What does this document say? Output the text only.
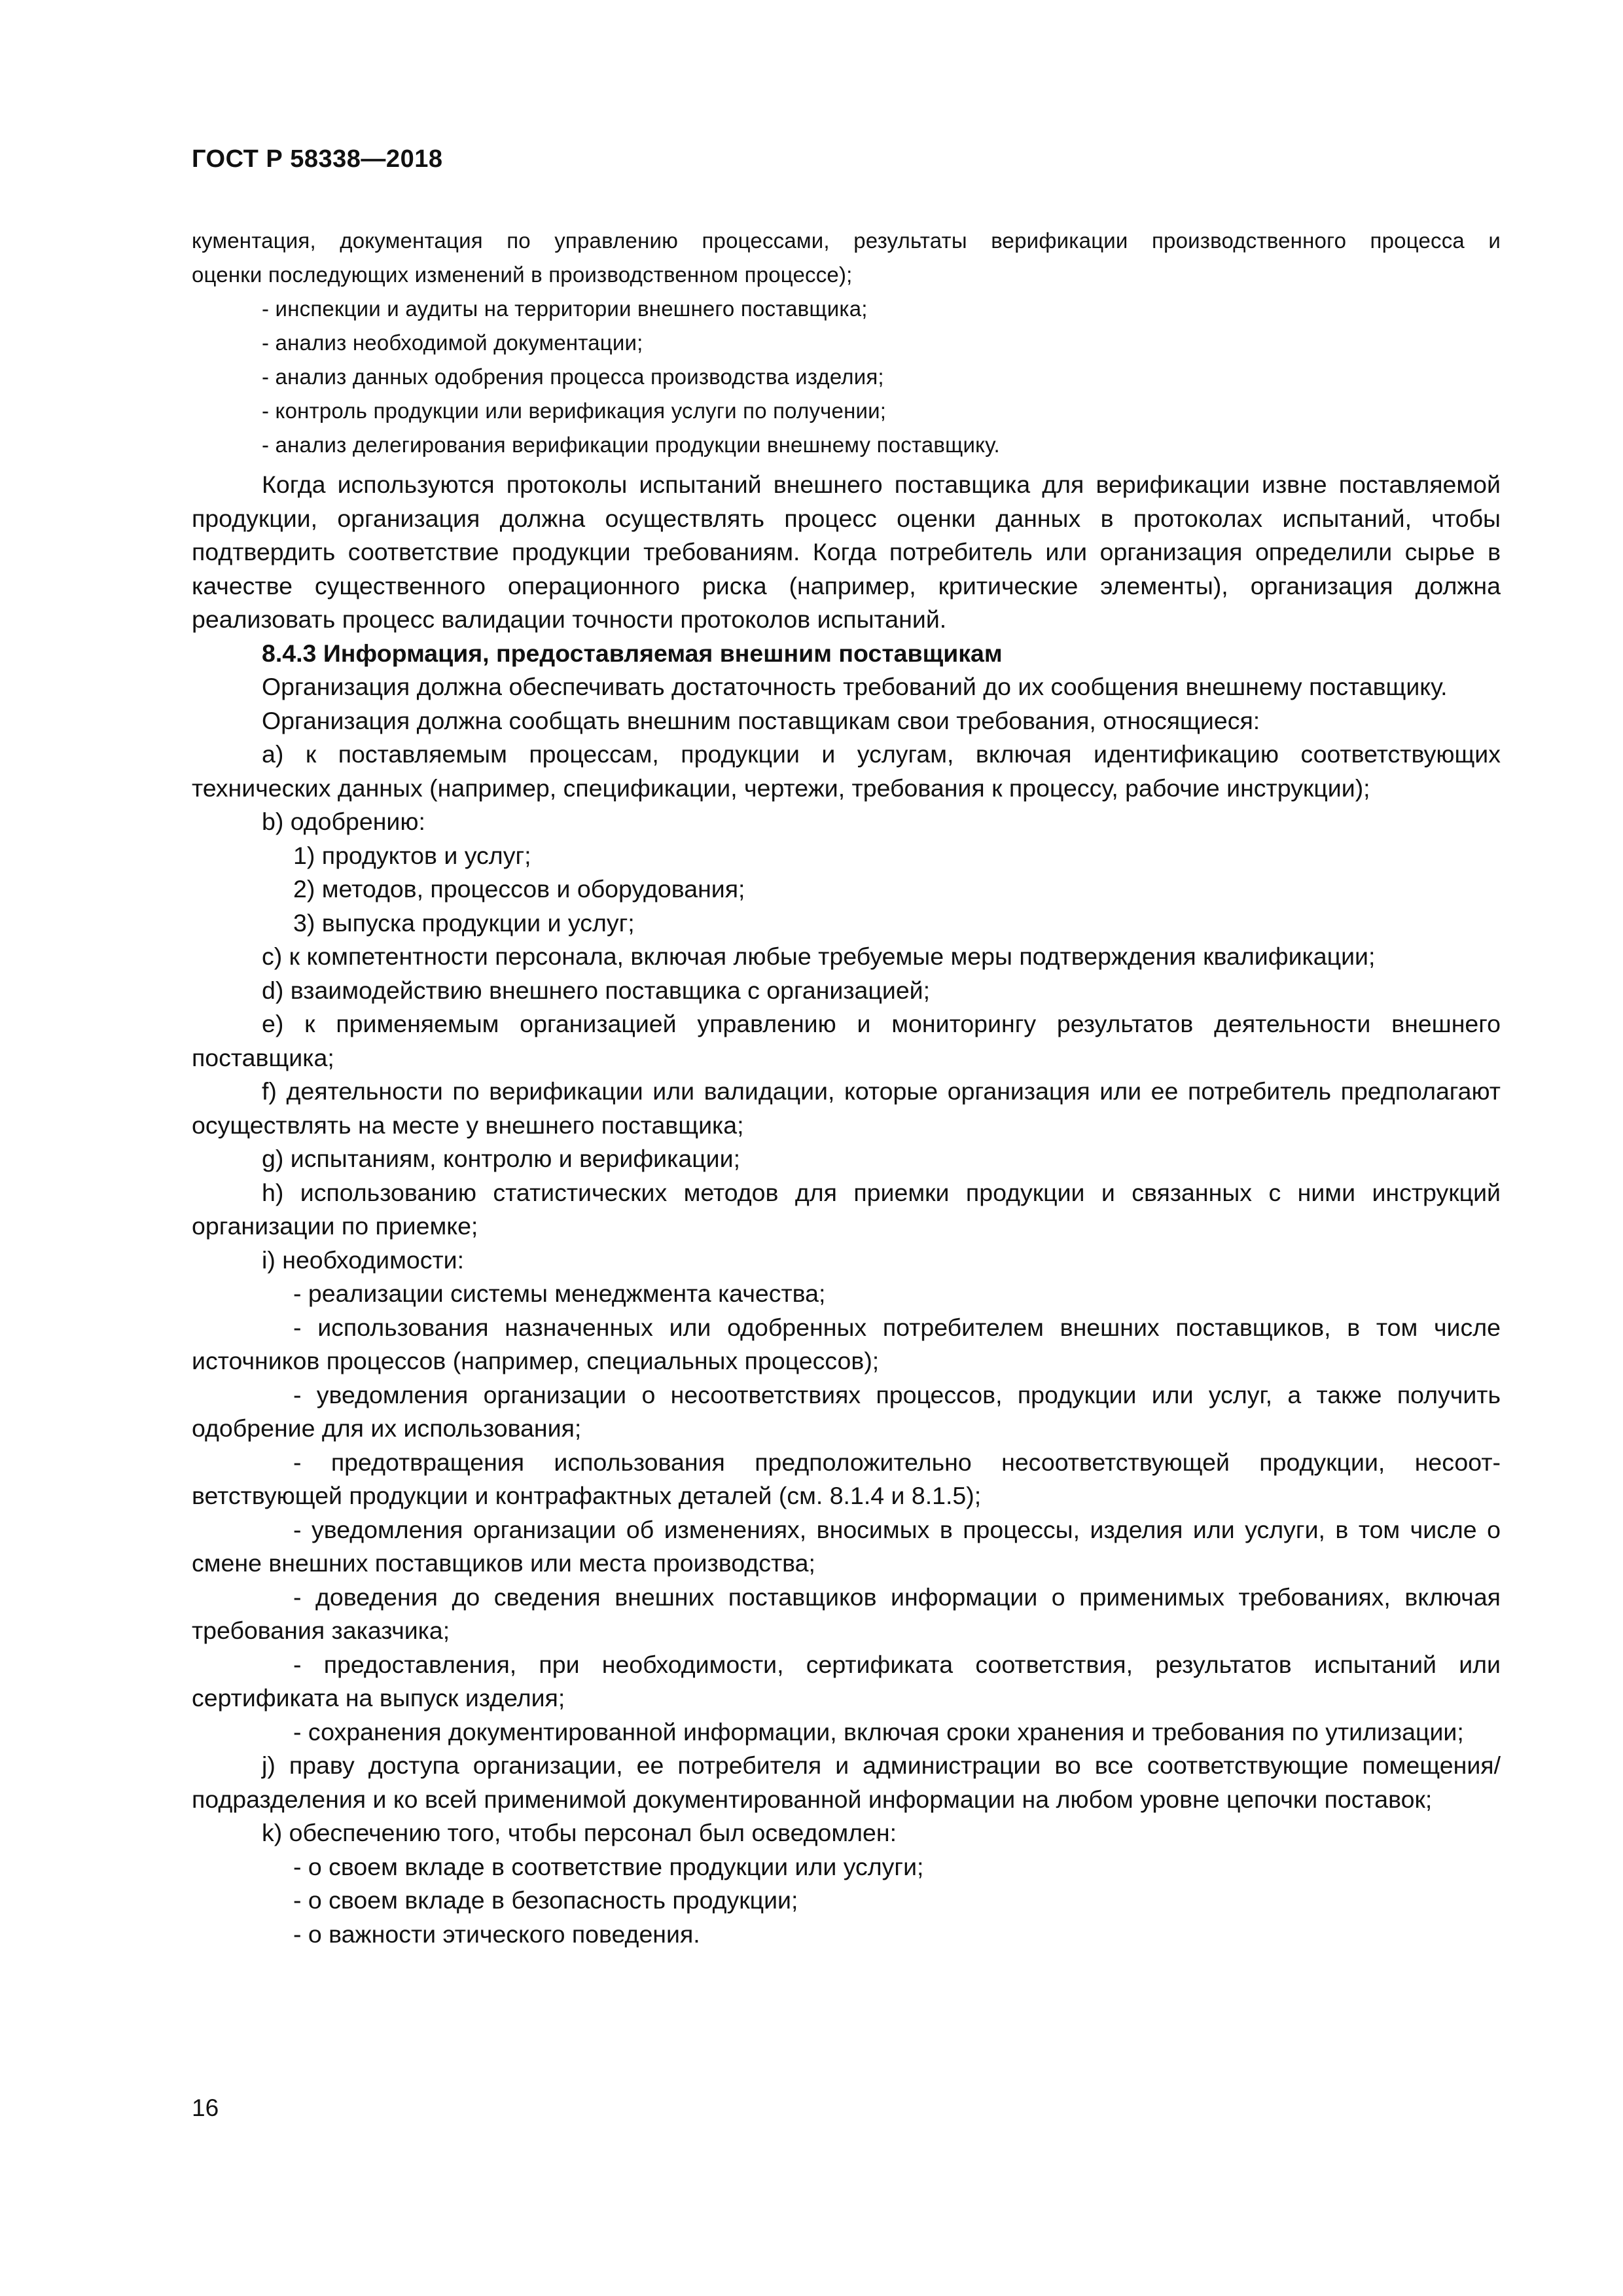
ГОСТ Р 58338—2018

кументация, документация по управлению процессами, результаты верификации производственного процесса и

оценки последующих изменений в производственном процессе);

- инспекции и аудиты на территории внешнего поставщика;

- анализ необходимой документации;

- анализ данных одобрения процесса производства изделия;

- контроль продукции или верификация услуги по получении;

- анализ делегирования верификации продукции внешнему поставщику.

Когда используются протоколы испытаний внешнего поставщика для верификации извне поставляемой продукции, организация должна осуществлять процесс оценки данных в протоколах испытаний, чтобы подтвердить соответствие продукции требованиям. Когда потребитель или организация определили сырье в качестве существенного операционного риска (например, критические элементы), организация должна реализовать процесс валидации точности протоколов испытаний.

8.4.3 Информация, предоставляемая внешним поставщикам

Организация должна обеспечивать достаточность требований до их сообщения внешнему поставщику.

Организация должна сообщать внешним поставщикам свои требования, относящиеся:

a) к поставляемым процессам, продукции и услугам, включая идентификацию соответствующих технических данных (например, спецификации, чертежи, требования к процессу, рабочие инструкции);

b) одобрению:

1) продуктов и услуг;

2) методов, процессов и оборудования;

3) выпуска продукции и услуг;

c) к компетентности персонала, включая любые требуемые меры подтверждения квалификации;

d) взаимодействию внешнего поставщика с организацией;

e) к применяемым организацией управлению и мониторингу результатов деятельности внешнего поставщика;

f) деятельности по верификации или валидации, которые организация или ее потребитель предполагают осуществлять на месте у внешнего поставщика;

g) испытаниям, контролю и верификации;

h) использованию статистических методов для приемки продукции и связанных с ними инструкций организации по приемке;

i) необходимости:

- реализации системы менеджмента качества;

- использования назначенных или одобренных потребителем внешних поставщиков, в том числе источников процессов (например, специальных процессов);

- уведомления организации о несоответствиях процессов, продукции или услуг, а также получить одобрение для их использования;

- предотвращения использования предположительно несоответствующей продукции, несоответствующей продукции и контрафактных деталей (см. 8.1.4 и 8.1.5);

- уведомления организации об изменениях, вносимых в процессы, изделия или услуги, в том числе о смене внешних поставщиков или места производства;

- доведения до сведения внешних поставщиков информации о применимых требованиях, включая требования заказчика;

- предоставления, при необходимости, сертификата соответствия, результатов испытаний или сертификата на выпуск изделия;

- сохранения документированной информации, включая сроки хранения и требования по утилизации;

j) праву доступа организации, ее потребителя и администрации во все соответствующие помещения/подразделения и ко всей применимой документированной информации на любом уровне цепочки поставок;

k) обеспечению того, чтобы персонал был осведомлен:

- о своем вкладе в соответствие продукции или услуги;

- о своем вкладе в безопасность продукции;

- о важности этического поведения.

16
